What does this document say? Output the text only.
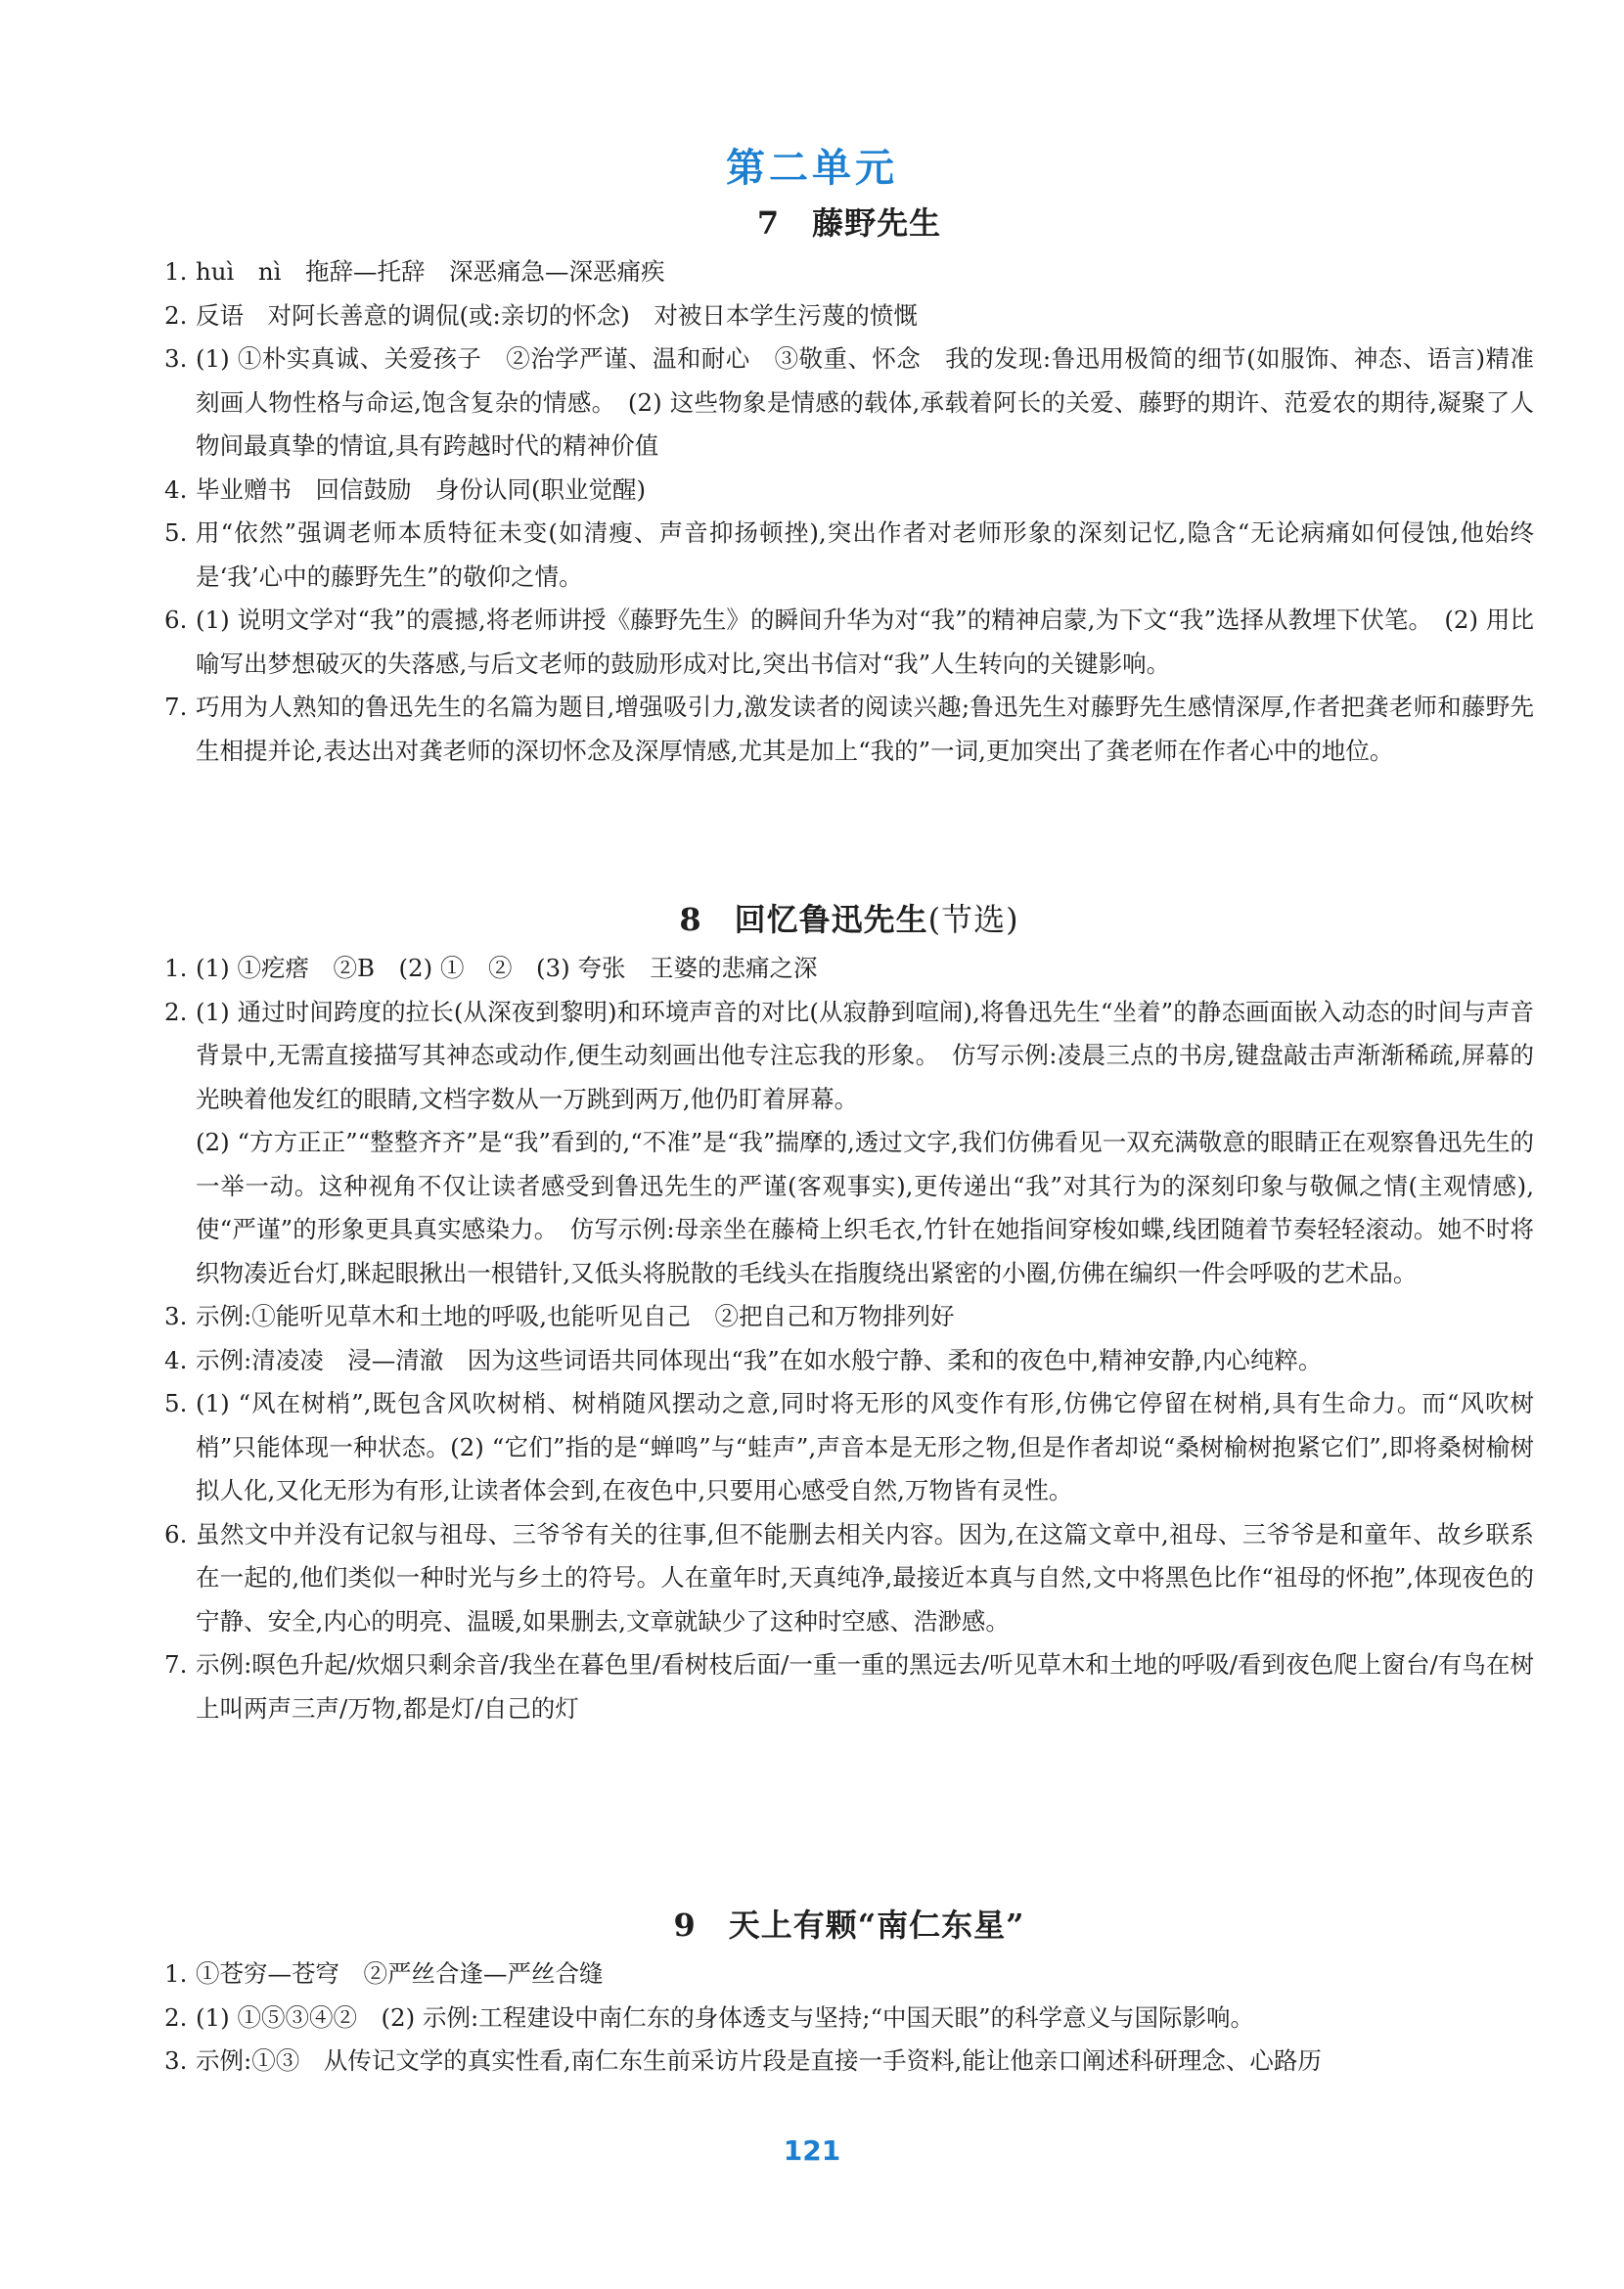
第二单元
7　藤野先生

1. huì　nì　拖辞—托辞　深恶痛急—深恶痛疾

2. 反语　对阿长善意的调侃(或:亲切的怀念)　对被日本学生污蔑的愤慨

3. (1) ①朴实真诚、关爱孩子　②治学严谨、温和耐心　③敬重、怀念　我的发现:鲁迅用极简的细节(如服饰、神态、语言)精准刻画人物性格与命运,饱含复杂的情感。　(2) 这些物象是情感的载体,承载着阿长的关爱、藤野的期许、范爱农的期待,凝聚了人物间最真挚的情谊,具有跨越时代的精神价值

4. 毕业赠书　回信鼓励　身份认同(职业觉醒)

5. 用“依然”强调老师本质特征未变(如清瘦、声音抑扬顿挫),突出作者对老师形象的深刻记忆,隐含“无论病痛如何侵蚀,他始终是‘我’心中的藤野先生”的敬仰之情。

6. (1) 说明文学对“我”的震撼,将老师讲授《藤野先生》的瞬间升华为对“我”的精神启蒙,为下文“我”选择从教埋下伏笔。　(2) 用比喻写出梦想破灭的失落感,与后文老师的鼓励形成对比,突出书信对“我”人生转向的关键影响。

7. 巧用为人熟知的鲁迅先生的名篇为题目,增强吸引力,激发读者的阅读兴趣;鲁迅先生对藤野先生感情深厚,作者把龚老师和藤野先生相提并论,表达出对龚老师的深切怀念及深厚情感,尤其是加上“我的”一词,更加突出了龚老师在作者心中的地位。

8　回忆鲁迅先生(节选)

1. (1) ①疙瘩　②B　(2) ①　②　(3) 夸张　王婆的悲痛之深

2. (1) 通过时间跨度的拉长(从深夜到黎明)和环境声音的对比(从寂静到喧闹),将鲁迅先生“坐着”的静态画面嵌入动态的时间与声音背景中,无需直接描写其神态或动作,便生动刻画出他专注忘我的形象。　仿写示例:凌晨三点的书房,键盘敲击声渐渐稀疏,屏幕的光映着他发红的眼睛,文档字数从一万跳到两万,他仍盯着屏幕。

(2) “方方正正”“整整齐齐”是“我”看到的,“不准”是“我”揣摩的,透过文字,我们仿佛看见一双充满敬意的眼睛正在观察鲁迅先生的一举一动。这种视角不仅让读者感受到鲁迅先生的严谨(客观事实),更传递出“我”对其行为的深刻印象与敬佩之情(主观情感),使“严谨”的形象更具真实感染力。　仿写示例:母亲坐在藤椅上织毛衣,竹针在她指间穿梭如蝶,线团随着节奏轻轻滚动。她不时将织物凑近台灯,眯起眼揪出一根错针,又低头将脱散的毛线头在指腹绕出紧密的小圈,仿佛在编织一件会呼吸的艺术品。

3. 示例:①能听见草木和土地的呼吸,也能听见自己　②把自己和万物排列好

4. 示例:清凌凌　浸—清澈　因为这些词语共同体现出“我”在如水般宁静、柔和的夜色中,精神安静,内心纯粹。

5. (1) “风在树梢”,既包含风吹树梢、树梢随风摆动之意,同时将无形的风变作有形,仿佛它停留在树梢,具有生命力。而“风吹树梢”只能体现一种状态。(2) “它们”指的是“蝉鸣”与“蛙声”,声音本是无形之物,但是作者却说“桑树榆树抱紧它们”,即将桑树榆树拟人化,又化无形为有形,让读者体会到,在夜色中,只要用心感受自然,万物皆有灵性。

6. 虽然文中并没有记叙与祖母、三爷爷有关的往事,但不能删去相关内容。因为,在这篇文章中,祖母、三爷爷是和童年、故乡联系在一起的,他们类似一种时光与乡土的符号。人在童年时,天真纯净,最接近本真与自然,文中将黑色比作“祖母的怀抱”,体现夜色的宁静、安全,内心的明亮、温暖,如果删去,文章就缺少了这种时空感、浩渺感。

7. 示例:暝色升起/炊烟只剩余音/我坐在暮色里/看树枝后面/一重一重的黑远去/听见草木和土地的呼吸/看到夜色爬上窗台/有鸟在树上叫两声三声/万物,都是灯/自己的灯

9　天上有颗“南仁东星”

1. ①苍穷—苍穹　②严丝合逢—严丝合缝

2. (1) ①⑤③④②　(2) 示例:工程建设中南仁东的身体透支与坚持;“中国天眼”的科学意义与国际影响。

3. 示例:①③　从传记文学的真实性看,南仁东生前采访片段是直接一手资料,能让他亲口阐述科研理念、心路历

121
